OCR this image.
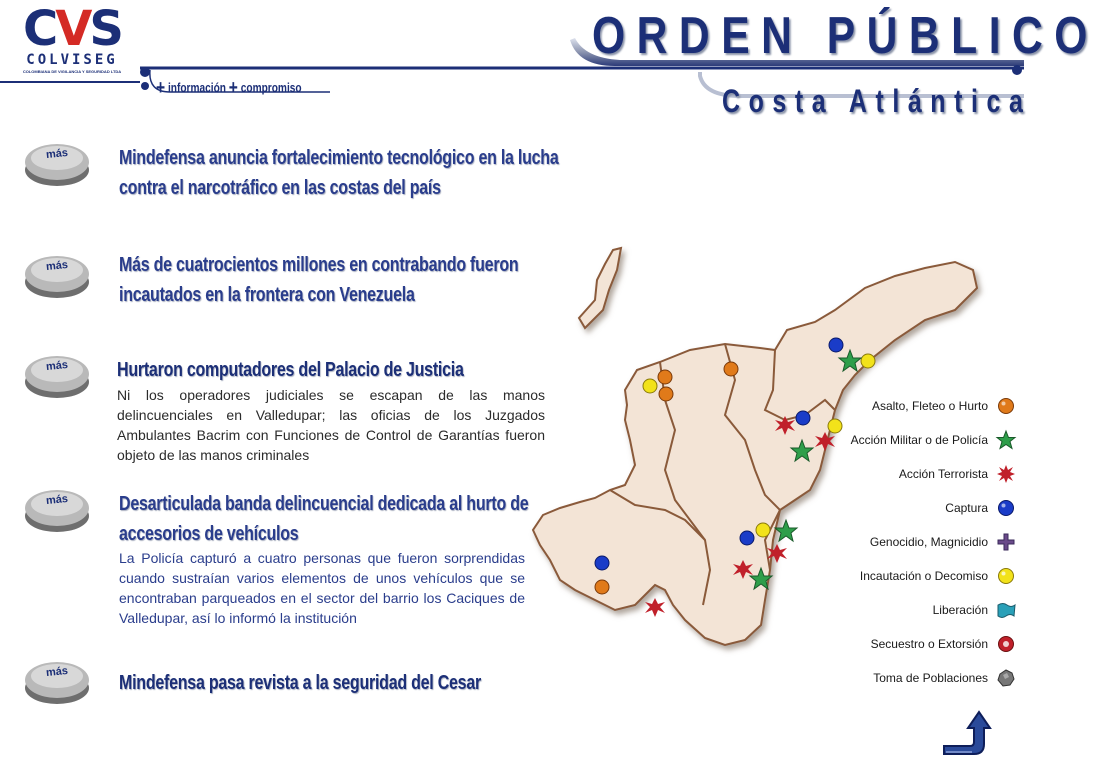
CVS
COLVISEG
COLOMBIANA DE VIGILANCIA Y SEGURIDAD LTDA
ORDEN PÚBLICO
Costa Atlántica
+ información + compromiso
más	Mindefensa anuncia fortalecimiento tecnológico en la lucha contra el narcotráfico en las costas del país
más	Más de cuatrocientos millones en contrabando fueron incautados en la frontera con Venezuela
más	Hurtaron computadores del Palacio de Justicia
Ni los operadores judiciales se escapan de las manos delincuenciales en Valledupar; las oficias de los Juzgados Ambulantes Bacrim con Funciones de Control de Garantías fueron objeto de las manos criminales
más	Desarticulada banda delincuencial dedicada al hurto de accesorios de vehículos
La Policía capturó a cuatro personas que fueron sorprendidas cuando sustraían varios elementos de unos vehículos que se encontraban parqueados en el sector del barrio los Caciques de Valledupar, así lo informó la institución
más	Mindefensa pasa revista a la seguridad del Cesar
Asalto, Fleteo o Hurto
Acción Militar o de Policía
Acción Terrorista
Captura
Genocidio, Magnicidio
Incautación o Decomiso
Liberación
Secuestro o Extorsión
Toma de Poblaciones
